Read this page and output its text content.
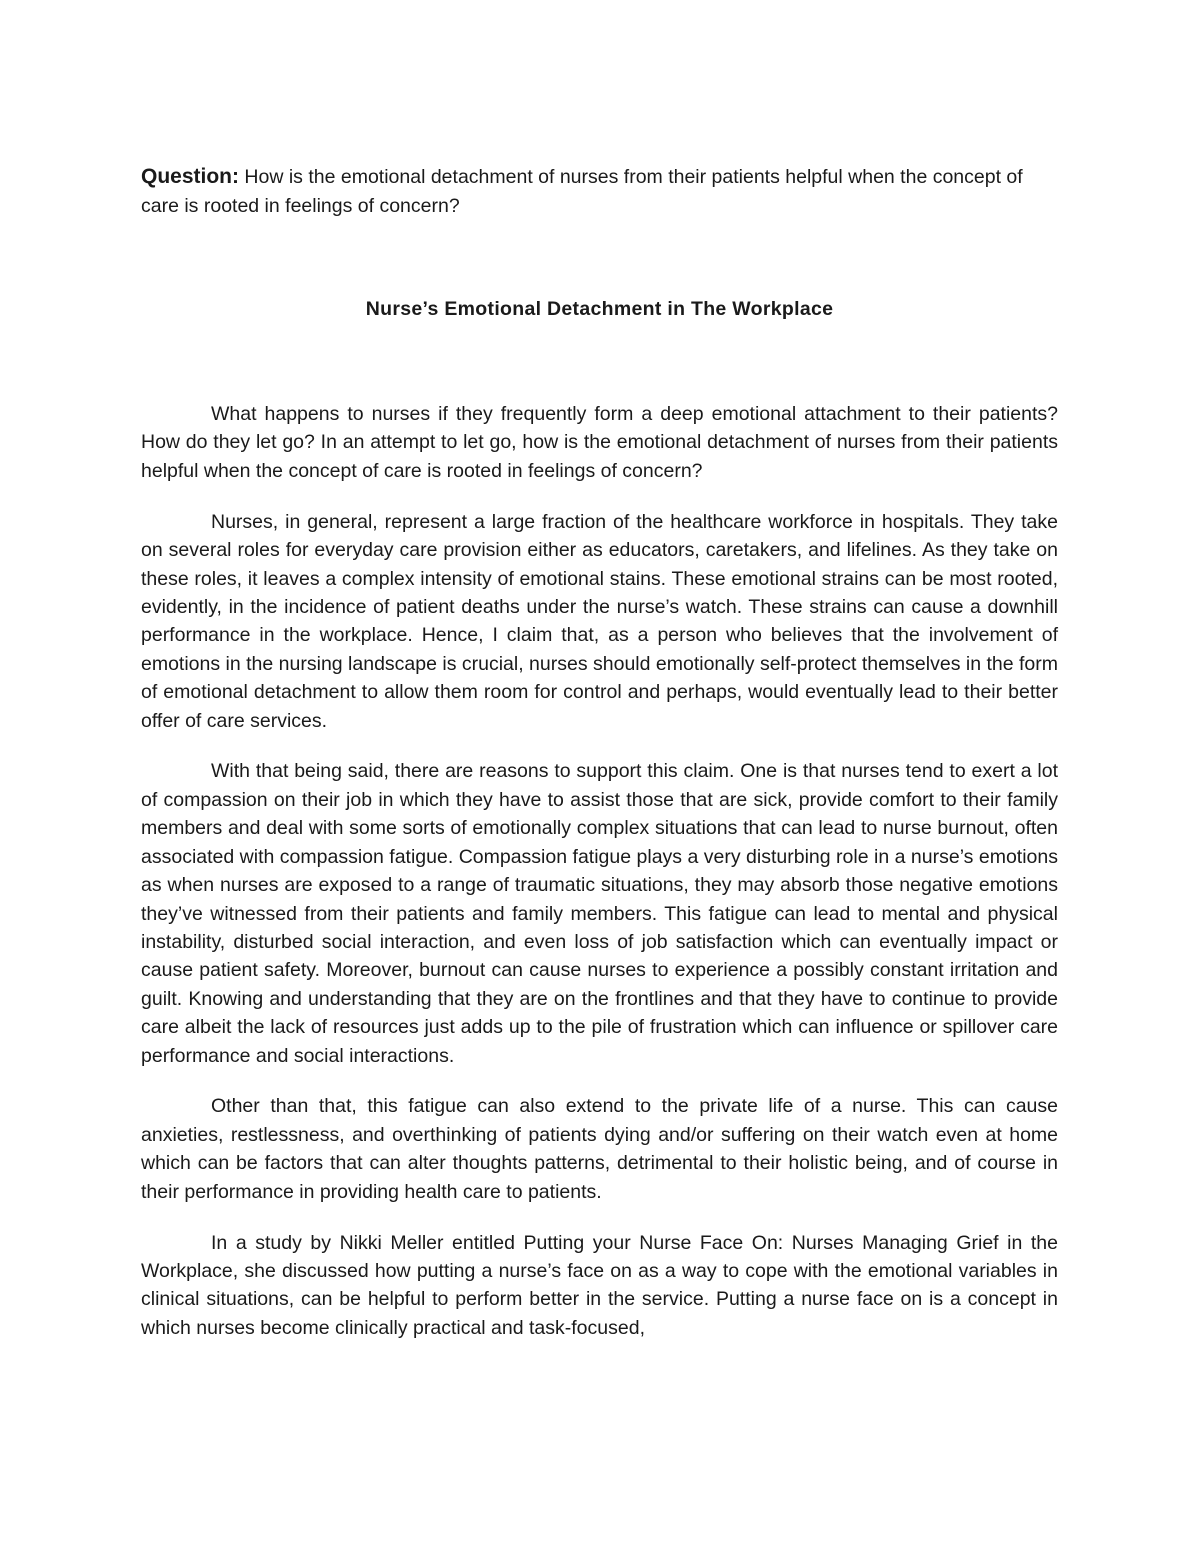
Question: How is the emotional detachment of nurses from their patients helpful when the concept of care is rooted in feelings of concern?

Nurse’s Emotional Detachment in The Workplace

What happens to nurses if they frequently form a deep emotional attachment to their patients? How do they let go? In an attempt to let go, how is the emotional detachment of nurses from their patients helpful when the concept of care is rooted in feelings of concern?

Nurses, in general, represent a large fraction of the healthcare workforce in hospitals. They take on several roles for everyday care provision either as educators, caretakers, and lifelines. As they take on these roles, it leaves a complex intensity of emotional stains. These emotional strains can be most rooted, evidently, in the incidence of patient deaths under the nurse’s watch. These strains can cause a downhill performance in the workplace. Hence, I claim that, as a person who believes that the involvement of emotions in the nursing landscape is crucial, nurses should emotionally self-protect themselves in the form of emotional detachment to allow them room for control and perhaps, would eventually lead to their better offer of care services.

With that being said, there are reasons to support this claim. One is that nurses tend to exert a lot of compassion on their job in which they have to assist those that are sick, provide comfort to their family members and deal with some sorts of emotionally complex situations that can lead to nurse burnout, often associated with compassion fatigue. Compassion fatigue plays a very disturbing role in a nurse’s emotions as when nurses are exposed to a range of traumatic situations, they may absorb those negative emotions they’ve witnessed from their patients and family members. This fatigue can lead to mental and physical instability, disturbed social interaction, and even loss of job satisfaction which can eventually impact or cause patient safety. Moreover, burnout can cause nurses to experience a possibly constant irritation and guilt. Knowing and understanding that they are on the frontlines and that they have to continue to provide care albeit the lack of resources just adds up to the pile of frustration which can influence or spillover care performance and social interactions.

Other than that, this fatigue can also extend to the private life of a nurse. This can cause anxieties, restlessness, and overthinking of patients dying and/or suffering on their watch even at home which can be factors that can alter thoughts patterns, detrimental to their holistic being, and of course in their performance in providing health care to patients.

In a study by Nikki Meller entitled Putting your Nurse Face On: Nurses Managing Grief in the Workplace, she discussed how putting a nurse’s face on as a way to cope with the emotional variables in clinical situations, can be helpful to perform better in the service. Putting a nurse face on is a concept in which nurses become clinically practical and task-focused,
